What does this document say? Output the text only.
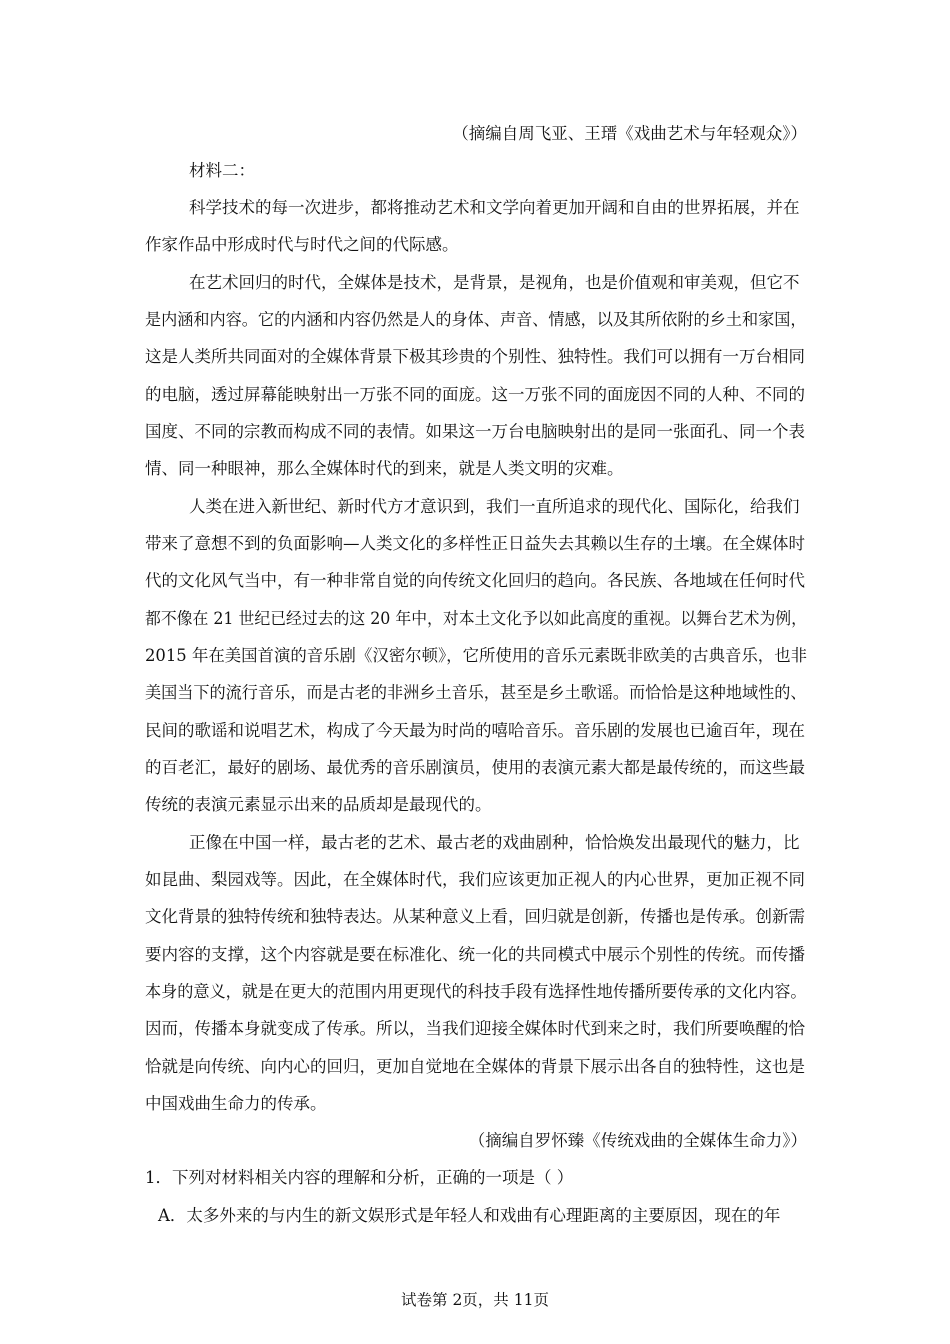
（摘编自周飞亚、王瑨《戏曲艺术与年轻观众》）
材料二：
科学技术的每一次进步，都将推动艺术和文学向着更加开阔和自由的世界拓展，并在
作家作品中形成时代与时代之间的代际感。
在艺术回归的时代，全媒体是技术，是背景，是视角，也是价值观和审美观，但它不
是内涵和内容。它的内涵和内容仍然是人的身体、声音、情感，以及其所依附的乡土和家国，
这是人类所共同面对的全媒体背景下极其珍贵的个别性、独特性。我们可以拥有一万台相同
的电脑，透过屏幕能映射出一万张不同的面庞。这一万张不同的面庞因不同的人种、不同的
国度、不同的宗教而构成不同的表情。如果这一万台电脑映射出的是同一张面孔、同一个表
情、同一种眼神，那么全媒体时代的到来，就是人类文明的灾难。
人类在进入新世纪、新时代方才意识到，我们一直所追求的现代化、国际化，给我们
带来了意想不到的负面影响—人类文化的多样性正日益失去其赖以生存的土壤。在全媒体时
代的文化风气当中，有一种非常自觉的向传统文化回归的趋向。各民族、各地域在任何时代
都不像在 21 世纪已经过去的这 20 年中，对本土文化予以如此高度的重视。以舞台艺术为例，
2015 年在美国首演的音乐剧《汉密尔顿》，它所使用的音乐元素既非欧美的古典音乐，也非
美国当下的流行音乐，而是古老的非洲乡土音乐，甚至是乡土歌谣。而恰恰是这种地域性的、
民间的歌谣和说唱艺术，构成了今天最为时尚的嘻哈音乐。音乐剧的发展也已逾百年，现在
的百老汇，最好的剧场、最优秀的音乐剧演员，使用的表演元素大都是最传统的，而这些最
传统的表演元素显示出来的品质却是最现代的。
正像在中国一样，最古老的艺术、最古老的戏曲剧种，恰恰焕发出最现代的魅力，比
如昆曲、梨园戏等。因此，在全媒体时代，我们应该更加正视人的内心世界，更加正视不同
文化背景的独特传统和独特表达。从某种意义上看，回归就是创新，传播也是传承。创新需
要内容的支撑，这个内容就是要在标准化、统一化的共同模式中展示个别性的传统。而传播
本身的意义，就是在更大的范围内用更现代的科技手段有选择性地传播所要传承的文化内容。
因而，传播本身就变成了传承。所以，当我们迎接全媒体时代到来之时，我们所要唤醒的恰
恰就是向传统、向内心的回归，更加自觉地在全媒体的背景下展示出各自的独特性，这也是
中国戏曲生命力的传承。
（摘编自罗怀臻《传统戏曲的全媒体生命力》）
1．下列对材料相关内容的理解和分析，正确的一项是（ ）
A．太多外来的与内生的新文娱形式是年轻人和戏曲有心理距离的主要原因，现在的年
试卷第 2页，共 11页
